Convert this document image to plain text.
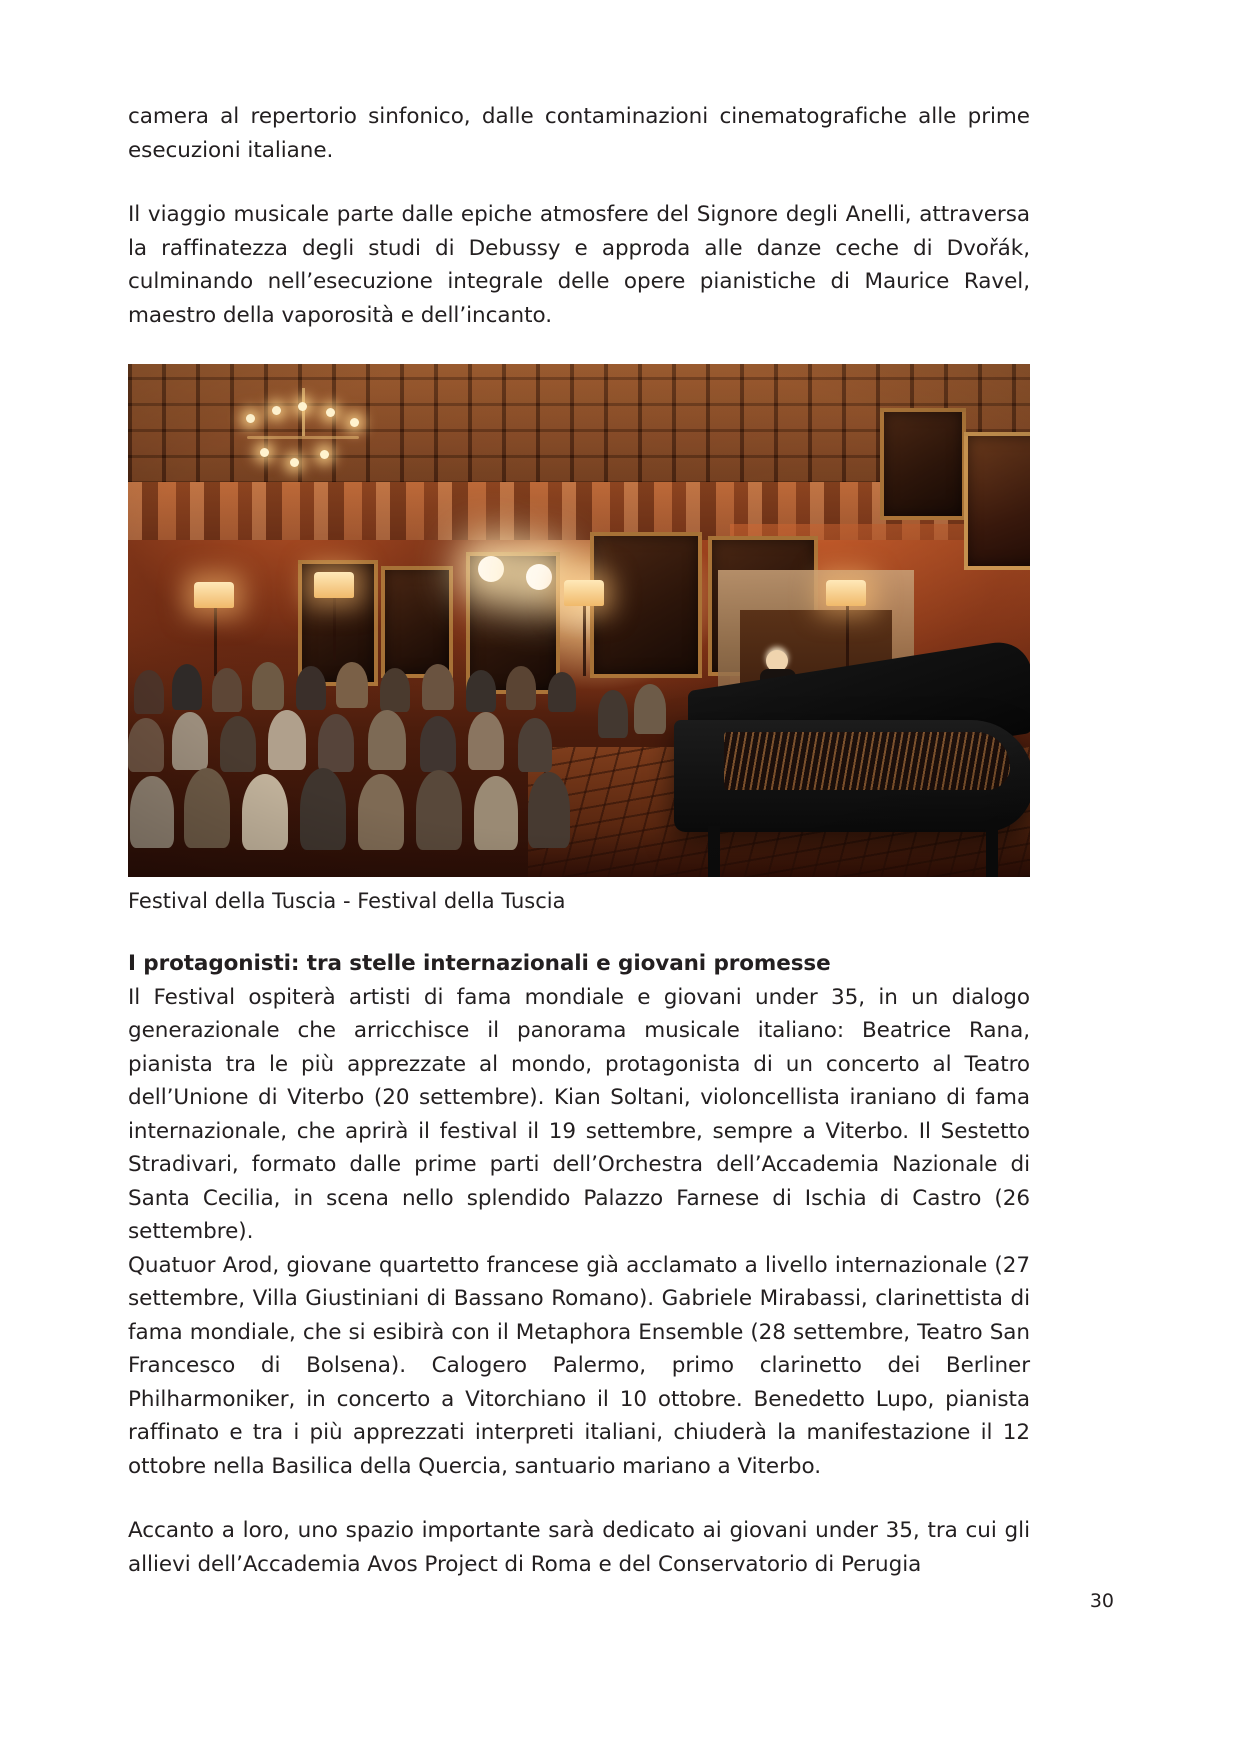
camera al repertorio sinfonico, dalle contaminazioni cinematografiche alle prime esecuzioni italiane.

Il viaggio musicale parte dalle epiche atmosfere del Signore degli Anelli, attraversa la raffinatezza degli studi di Debussy e approda alle danze ceche di Dvořák, culminando nell’esecuzione integrale delle opere pianistiche di Maurice Ravel, maestro della vaporosità e dell’incanto.

Festival della Tuscia - Festival della Tuscia
I protagonisti: tra stelle internazionali e giovani promesse

Il Festival ospiterà artisti di fama mondiale e giovani under 35, in un dialogo generazionale che arricchisce il panorama musicale italiano: Beatrice Rana, pianista tra le più apprezzate al mondo, protagonista di un concerto al Teatro dell’Unione di Viterbo (20 settembre). Kian Soltani, violoncellista iraniano di fama internazionale, che aprirà il festival il 19 settembre, sempre a Viterbo. Il Sestetto Stradivari, formato dalle prime parti dell’Orchestra dell’Accademia Nazionale di Santa Cecilia, in scena nello splendido Palazzo Farnese di Ischia di Castro (26 settembre).

Quatuor Arod, giovane quartetto francese già acclamato a livello internazionale (27 settembre, Villa Giustiniani di Bassano Romano). Gabriele Mirabassi, clarinettista di fama mondiale, che si esibirà con il Metaphora Ensemble (28 settembre, Teatro San Francesco di Bolsena). Calogero Palermo, primo clarinetto dei Berliner Philharmoniker, in concerto a Vitorchiano il 10 ottobre. Benedetto Lupo, pianista raffinato e tra i più apprezzati interpreti italiani, chiuderà la manifestazione il 12 ottobre nella Basilica della Quercia, santuario mariano a Viterbo.

Accanto a loro, uno spazio importante sarà dedicato ai giovani under 35, tra cui gli allievi dell’Accademia Avos Project di Roma e del Conservatorio di Perugia

30
